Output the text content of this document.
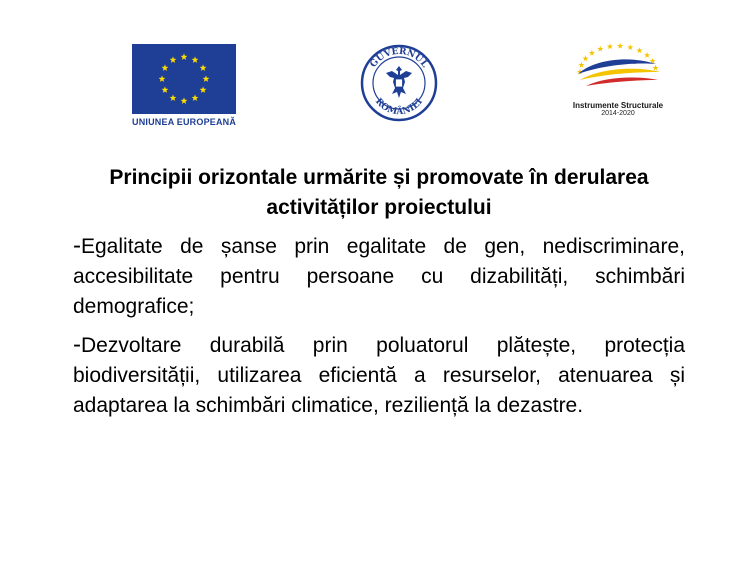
UNIUNEA EUROPEANĂ
GUVERNUL
ROMÂNIEI	Instrumente Structurale
2014-2020

Principii orizontale urmărite și promovate în derularea activităților proiectului

-Egalitate de șanse prin egalitate de gen, nediscriminare, accesibilitate pentru persoane cu dizabilități, schimbări demografice;

-Dezvoltare durabilă prin poluatorul plătește, protecția biodiversității, utilizarea eficientă a resurselor, atenuarea și adaptarea la schimbări climatice, reziliență la dezastre.
